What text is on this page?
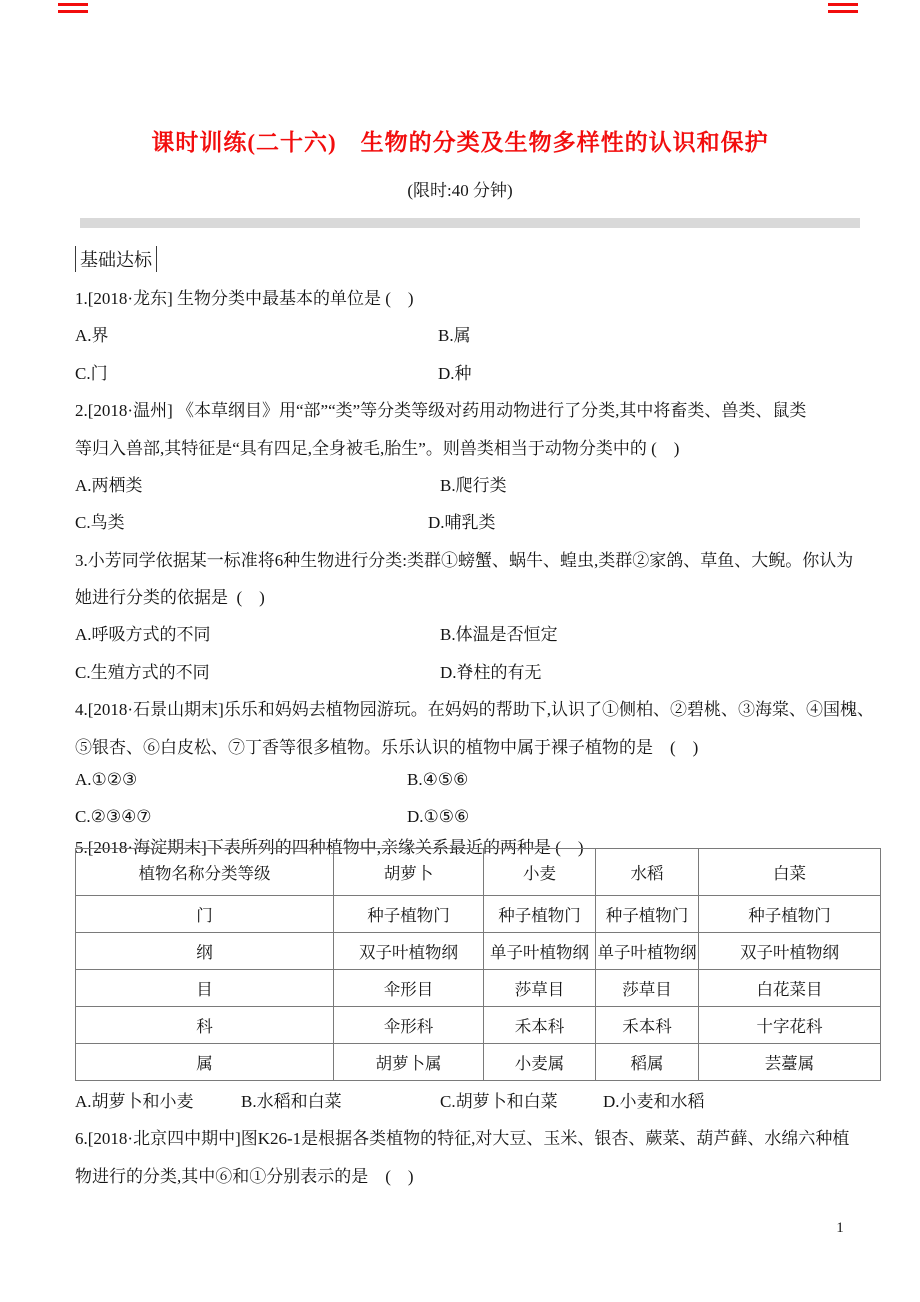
课时训练(二十六)　生物的分类及生物多样性的认识和保护
(限时:40 分钟)
基础达标
1.[2018·龙东] 生物分类中最基本的单位是 (    )
A.界	B.属
C.门	D.种
2.[2018·温州] 《本草纲目》用“部”“类”等分类等级对药用动物进行了分类,其中将畜类、兽类、鼠类
等归入兽部,其特征是“具有四足,全身被毛,胎生”。则兽类相当于动物分类中的 (    )
A.两栖类	B.爬行类
C.鸟类	D.哺乳类
3.小芳同学依据某一标准将6种生物进行分类:类群①螃蟹、蜗牛、蝗虫,类群②家鸽、草鱼、大鲵。你认为
她进行分类的依据是  (    )
A.呼吸方式的不同	B.体温是否恒定
C.生殖方式的不同	D.脊柱的有无
4.[2018·石景山期末]乐乐和妈妈去植物园游玩。在妈妈的帮助下,认识了①侧柏、②碧桃、③海棠、④国槐、
⑤银杏、⑥白皮松、⑦丁香等很多植物。乐乐认识的植物中属于裸子植物的是    (    )
A.①②③	B.④⑤⑥
C.②③④⑦	D.①⑤⑥
5.[2018·海淀期末]下表所列的四种植物中,亲缘关系最近的两种是 (    )
植物名称分类等级	胡萝卜	小麦	水稻	白菜
门	种子植物门	种子植物门	种子植物门	种子植物门
纲	双子叶植物纲	单子叶植物纲	单子叶植物纲	双子叶植物纲
目	伞形目	莎草目	莎草目	白花菜目
科	伞形科	禾本科	禾本科	十字花科
属	胡萝卜属	小麦属	稻属	芸薹属
A.胡萝卜和小麦	B.水稻和白菜	C.胡萝卜和白菜	D.小麦和水稻
6.[2018·北京四中期中]图K26-1是根据各类植物的特征,对大豆、玉米、银杏、蕨菜、葫芦藓、水绵六种植
物进行的分类,其中⑥和①分别表示的是    (    )
1
